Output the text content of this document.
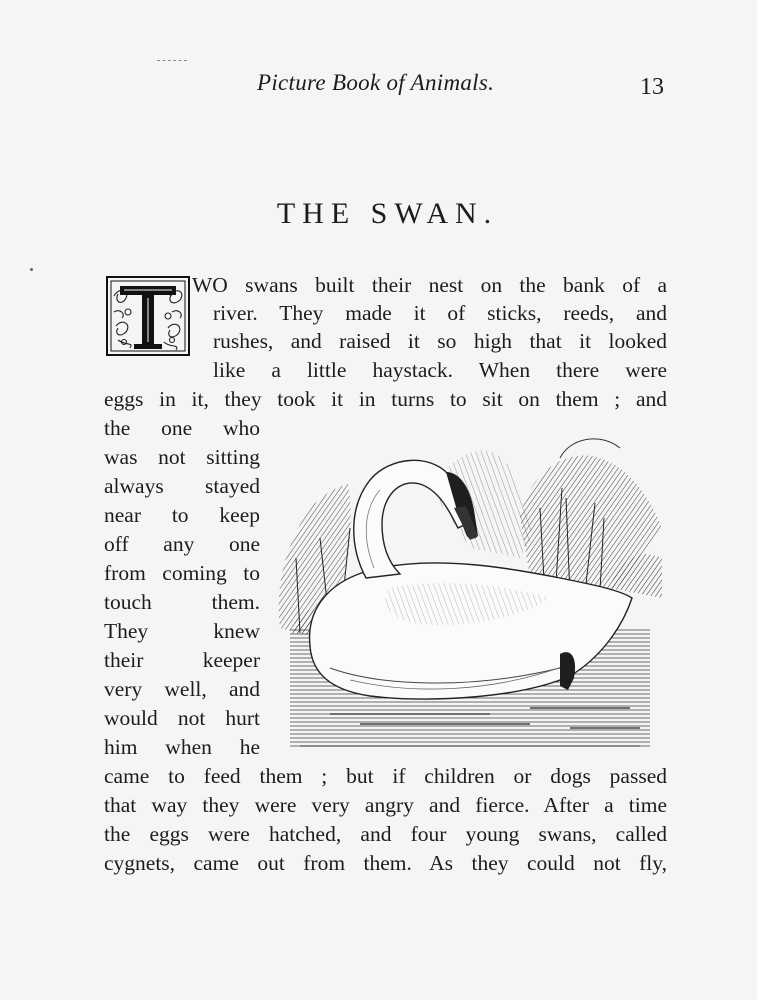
Picture Book of Animals.	13
THE SWAN.
WO swans built their nest on the bank of a
river. They made it of sticks, reeds, and
rushes, and raised it so high that it looked
like a little haystack. When there were
eggs in it, they took it in turns to sit on them ; and
the one who
was not sitting
always stayed
near to keep
off any one
from coming to
touch them.
They knew
their keeper
very well, and
would not hurt
him when he
came to feed them ; but if children or dogs passed
that way they were very angry and fierce. After a time
the eggs were hatched, and four young swans, called
cygnets, came out from them. As they could not fly,
